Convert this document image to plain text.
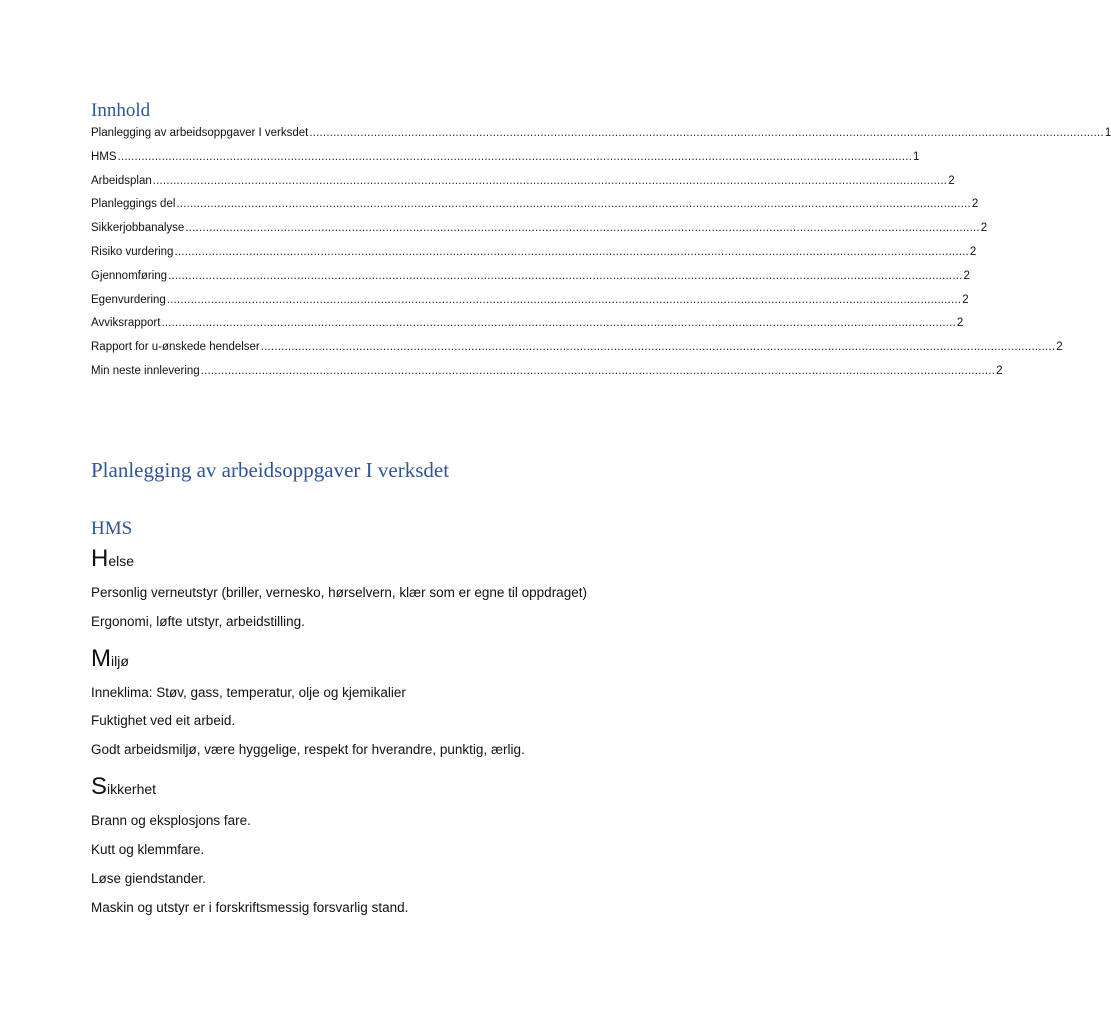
Innhold
Planlegging av arbeidsoppgaver I verksdet .......................................................................................................................................................................................................................................... 1
HMS .......................................................................................................................................................................................................................................... 1
Arbeidsplan .......................................................................................................................................................................................................................................... 2
Planleggings del .......................................................................................................................................................................................................................................... 2
Sikkerjobbanalyse .......................................................................................................................................................................................................................................... 2
Risiko vurdering .......................................................................................................................................................................................................................................... 2
Gjennomføring .......................................................................................................................................................................................................................................... 2
Egenvurdering .......................................................................................................................................................................................................................................... 2
Avviksrapport .......................................................................................................................................................................................................................................... 2
Rapport for u-ønskede hendelser .......................................................................................................................................................................................................................................... 2
Min neste innlevering .......................................................................................................................................................................................................................................... 2
Planlegging av arbeidsoppgaver I verksdet
HMS
Helse

Personlig verneutstyr (briller, vernesko, hørselvern, klær som er egne til oppdraget)

Ergonomi, løfte utstyr, arbeidstilling.

Miljø

Inneklima: Støv, gass, temperatur, olje og kjemikalier

Fuktighet ved eit arbeid.

Godt arbeidsmiljø, være hyggelige, respekt for hverandre, punktig, ærlig.

Sikkerhet

Brann og eksplosjons fare.

Kutt og klemmfare.

Løse giendstander.

Maskin og utstyr er i forskriftsmessig forsvarlig stand.
